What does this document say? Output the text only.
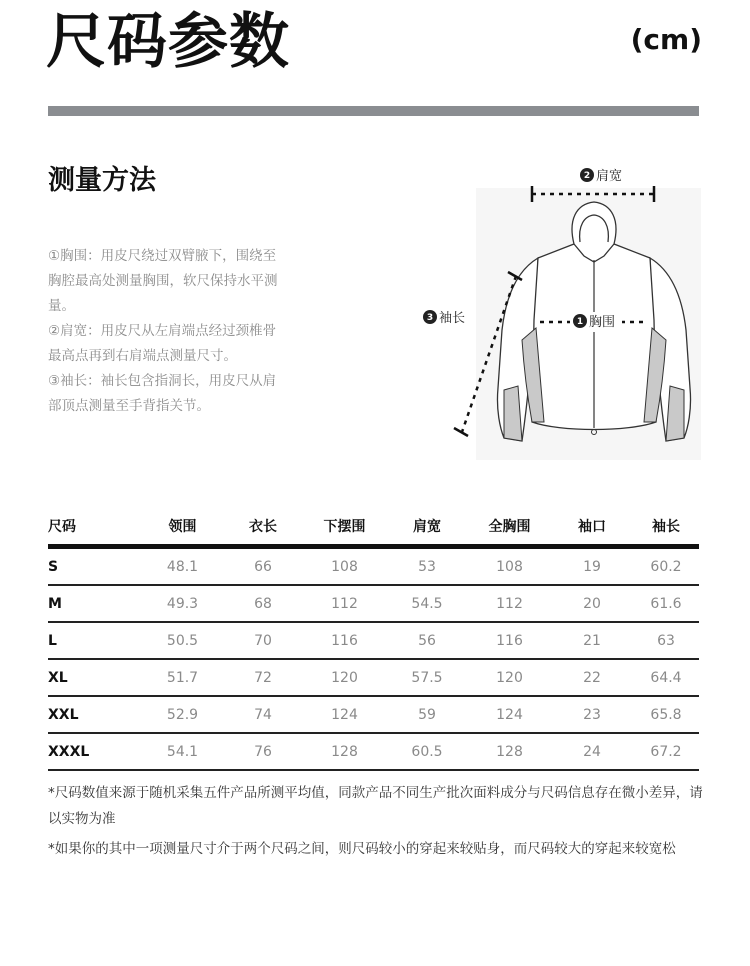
尺码参数	(cm)
测量方法

①胸围：用皮尺绕过双臂腋下，围绕至胸腔最高处测量胸围，软尺保持水平测量。

②肩宽：用皮尺从左肩端点经过颈椎骨最高点再到右肩端点测量尺寸。

③袖长：袖长包含指洞长，用皮尺从肩部顶点测量至手背指关节。

2 肩宽
1 胸围
3 袖长
尺码	领围	衣长	下摆围	肩宽	全胸围	袖口	袖长
S	48.1	66	108	53	108	19	60.2
M	49.3	68	112	54.5	112	20	61.6
L	50.5	70	116	56	116	21	63
XL	51.7	72	120	57.5	120	22	64.4
XXL	52.9	74	124	59	124	23	65.8
XXXL	54.1	76	128	60.5	128	24	67.2

*尺码数值来源于随机采集五件产品所测平均值，同款产品不同生产批次面料成分与尺码信息存在微小差异，请以实物为准

*如果你的其中一项测量尺寸介于两个尺码之间，则尺码较小的穿起来较贴身，而尺码较大的穿起来较宽松
